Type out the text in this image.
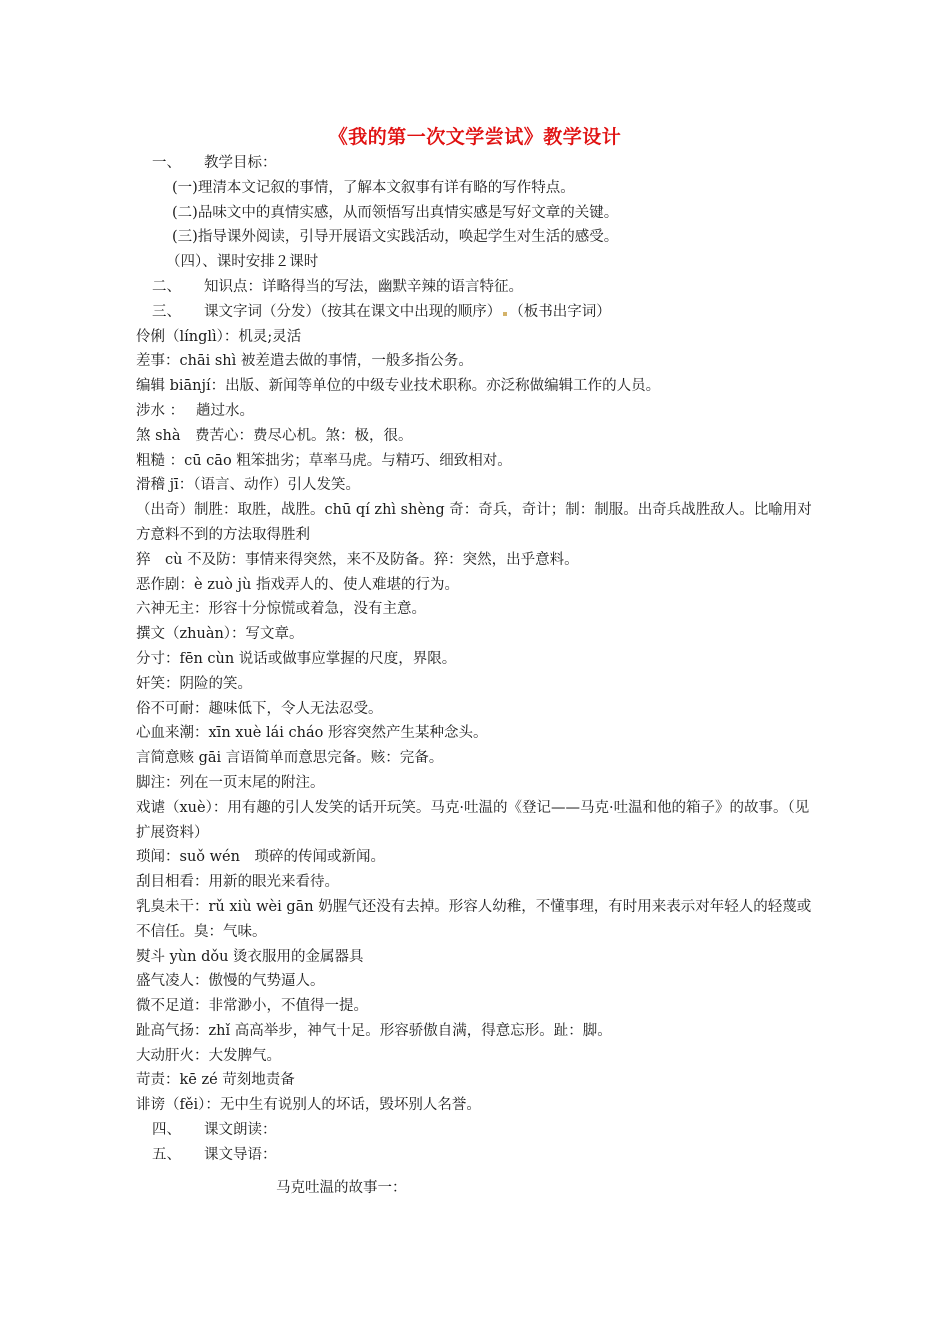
《我的第一次文学尝试》教学设计
一、 教学目标：
(一)理清本文记叙的事情，了解本文叙事有详有略的写作特点。
(二)品味文中的真情实感，从而领悟写出真情实感是写好文章的关键。
(三)指导课外阅读，引导开展语文实践活动，唤起学生对生活的感受。
（四）、课时安排２课时
二、 知识点：详略得当的写法，幽默辛辣的语言特征。
三、 课文字词（分发）（按其在课文中出现的顺序） （板书出字词）
伶俐（línglì）：机灵;灵活
差事：chāi shì 被差遣去做的事情，一般多指公务。
编辑 biānjí：出版、新闻等单位的中级专业技术职称。亦泛称做编辑工作的人员。
涉水 ：　 趟过水。
煞 shà　费苦心：费尽心机。煞：极，很。
粗糙 ：cū cāo 粗笨拙劣；草率马虎。与精巧、细致相对。
滑稽 jī：（语言、动作）引人发笑。
（出奇）制胜：取胜，战胜。chū qí zhì shèng 奇：奇兵，奇计；制：制服。出奇兵战胜敌人。比喻用对方意料不到的方法取得胜利
猝　cù 不及防：事情来得突然，来不及防备。猝：突然，出乎意料。
恶作剧：è zuò jù 指戏弄人的、使人难堪的行为。
六神无主：形容十分惊慌或着急，没有主意。
撰文（zhuàn）：写文章。
分寸：fēn cùn 说话或做事应掌握的尺度，界限。
奸笑：阴险的笑。
俗不可耐：趣味低下，令人无法忍受。
心血来潮：xīn xuè lái cháo 形容突然产生某种念头。
言简意赅 gāi 言语简单而意思完备。赅：完备。
脚注：列在一页末尾的附注。
戏谑（xuè）：用有趣的引人发笑的话开玩笑。马克·吐温的《登记——马克·吐温和他的箱子》的故事。（见扩展资料）
琐闻：suǒ wén　琐碎的传闻或新闻。
刮目相看：用新的眼光来看待。
乳臭未干：rǔ xiù wèi gān 奶腥气还没有去掉。形容人幼稚，不懂事理，有时用来表示对年轻人的轻蔑或不信任。臭：气味。
熨斗 yùn dǒu 烫衣服用的金属器具
盛气凌人：傲慢的气势逼人。
微不足道：非常渺小，不值得一提。
趾高气扬：zhǐ 高高举步，神气十足。形容骄傲自满，得意忘形。趾：脚。
大动肝火：大发脾气。
苛责：kē zé 苛刻地责备
诽谤（fěi）：无中生有说别人的坏话，毁坏别人名誉。
四、 课文朗读：
五、 课文导语：
马克吐温的故事一：
